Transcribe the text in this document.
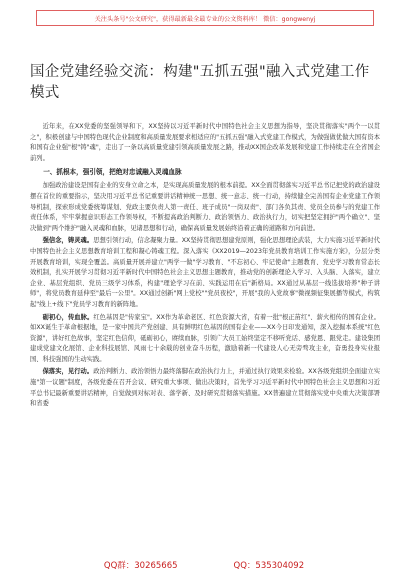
关注头条号"公文研究"，获得最新最全最专业的公文资料库！ 微信：gongwenyj
国企党建经验交流：构建"五抓五强"融入式党建工作模式

近年来，在XX党委的坚强领导和下，XX坚持以习近平新时代中国特色社会主义思想为指导，坚决贯彻落实"两个一以贯之"，积极创建与中国特色现代企业制度和高质量发展要求相适应的"五抓五强"融入式党建工作模式，为做强做优做大国有资本和国有企业强"根"铸"魂"，走出了一条以高质量党建引领高质量发展之路，推动XX国企改革发展和党建工作持续走在全省国企前列。

一、抓根本，强引领，把绝对忠诚融入灵魂血脉

加强政治建设是国有企业的安身立命之本，是实现高质量发展的根本前提。XX全面贯彻落实习近平总书记把党的政治建设摆在首位的重要指示，坚决用习近平总书记重要讲话精神统一思想、统一意志、统一行动，持续健全完善国有企业党建工作领导机制，探索形成党委统筹谋划、党政主要负责人第一责任、班子成员"一岗双责"、部门各负其责、党员全员参与的党建工作责任体系，牢牢掌握意识形态工作领导权，不断提高政治判断力、政治领悟力、政治执行力，切实把坚定拥护"两个确立"、坚决做到"两个维护"融入灵魂和血脉，见诸思想和行动，确保高质量发展始终沿着正确的道路和方向前进。

强信念，铸灵魂。思想引领行动，信念凝聚力量。XX坚持贯彻思想建党原则，强化思想理论武装，大力实施习近平新时代中国特色社会主义思想教育培训工程和凝心铸魂工程。深入落实《XX2019—2023年党员教育培训工作实施方案》，分层分类开展教育培训，实现全覆盖。高质量开展并建立"两学一做"学习教育、"不忘初心、牢记使命"主题教育、党史学习教育常态长效机制，扎实开展学习贯彻习近平新时代中国特色社会主义思想主题教育，推动党的创新理论入学习、入头脑、入落实，建立企业、基层党组织、党员三级学习体系，构建"理论学习在前、实践运用在后"新格局。XX通过从基层一线选拔培养"种子讲师"，将党员教育延伸至"最后一公里"。XX通过创新"网上党校""党员夜校"，开展"我的入党故事"微视频征集展播等模式，构筑起"线上+线下"党员学习教育的新阵地。

砺初心，传血脉。红色基因是"传家宝"。XX作为革命老区、红色资源大省，有着一批"根正苗红"、薪火相传的国有企业。如XX诞生于革命根据地，是一家中国共产党创建、具有鲜明红色基因的国有企业——XX今日印发通知，深入挖掘本系统"红色资源"，讲好红色故事，坚定红色信仰，砥砺初心，赓续血脉，引领广大员工始终坚定不移听党话、感党恩、跟党走。建设集团建成党建文化展馆、企业科技展馆、风雨七十余载的创业奋斗历程，激励着新一代建设人心无旁骛攻主业，奋勇投身实业报国、科技强国的生动实践。

保落实，见行动。政治判断力、政治领悟力最终落脚在政治执行力上，并通过执行效果来检验。XX各级党组织全面建立实施"第一议题"制度，各级党委在召开会议、研究重大事项、做出决策时，首先学习习近平新时代中国特色社会主义思想和习近平总书记最新重要讲话精神，自觉做到对标对表、落学新、及时研究贯彻落实措施。XX普遍建立贯彻落实党中央重大决策部署和省委

QQ群：30265665	QQ：535304092
